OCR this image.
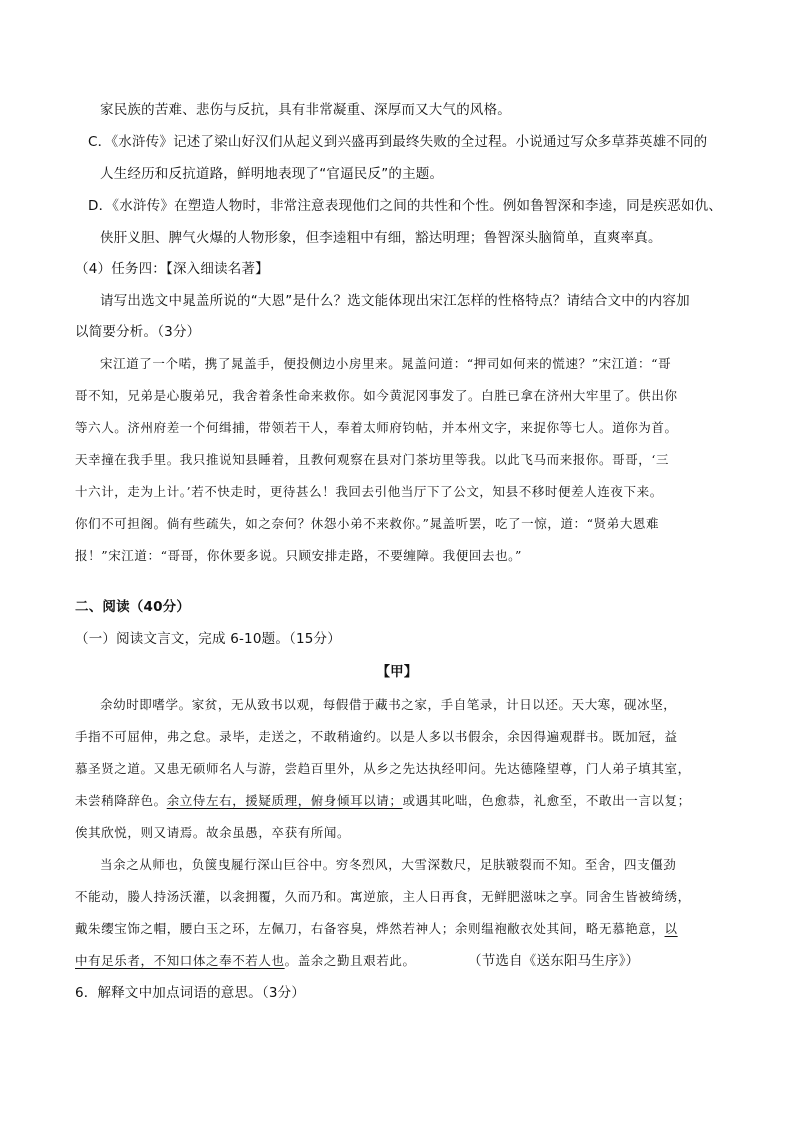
家民族的苦难、悲伤与反抗，具有非常凝重、深厚而又大气的风格。
C．《水浒传》记述了梁山好汉们从起义到兴盛再到最终失败的全过程。小说通过写众多草莽英雄不同的
人生经历和反抗道路，鲜明地表现了“官逼民反”的主题。
D．《水浒传》在塑造人物时，非常注意表现他们之间的共性和个性。例如鲁智深和李逵，同是疾恶如仇、
侠肝义胆、脾气火爆的人物形象，但李逵粗中有细，豁达明理；鲁智深头脑简单，直爽率真。
（4）任务四：【深入细读名著】
请写出选文中晁盖所说的“大恩”是什么？选文能体现出宋江怎样的性格特点？请结合文中的内容加
以简要分析。（3分）
宋江道了一个喏，携了晁盖手，便投侧边小房里来。晁盖问道：“押司如何来的慌速？”宋江道：“哥
哥不知，兄弟是心腹弟兄，我舍着条性命来救你。如今黄泥冈事发了。白胜已拿在济州大牢里了。供出你
等六人。济州府差一个何缉捕，带领若干人，奉着太师府钧帖，并本州文字，来捉你等七人。道你为首。
天幸撞在我手里。我只推说知县睡着，且教何观察在县对门茶坊里等我。以此飞马而来报你。哥哥，‘三
十六计，走为上计。’若不快走时，更待甚么！我回去引他当厅下了公文，知县不移时便差人连夜下来。
你们不可担阁。倘有些疏失，如之奈何？休怨小弟不来救你。”晁盖听罢，吃了一惊，道：“贤弟大恩难
报！”宋江道：“哥哥，你休要多说。只顾安排走路，不要缠障。我便回去也。”
二、阅读（40分）
（一）阅读文言文，完成 6-10题。（15分）
【甲】
余幼时即嗜学。家贫，无从致书以观，每假借于藏书之家，手自笔录，计日以还。天大寒，砚冰坚，
手指不可屈伸，弗之怠。录毕，走送之，不敢稍逾约。以是人多以书假余，余因得遍观群书。既加冠，益
慕圣贤之道。又患无硕师名人与游，尝趋百里外，从乡之先达执经叩问。先达德隆望尊，门人弟子填其室，
未尝稍降辞色。余立侍左右，援疑质理，俯身倾耳以请；或遇其叱咄，色愈恭，礼愈至，不敢出一言以复；
俟其欣悦，则又请焉。故余虽愚，卒获有所闻。
当余之从师也，负箧曳屣行深山巨谷中。穷冬烈风，大雪深数尺，足肤皲裂而不知。至舍，四支僵劲
不能动，媵人持汤沃灌，以衾拥覆，久而乃和。寓逆旅，主人日再食，无鲜肥滋味之享。同舍生皆被绮绣，
戴朱缨宝饰之帽，腰白玉之环，左佩刀，右备容臭，烨然若神人；余则缊袍敝衣处其间，略无慕艳意，以
中有足乐者，不知口体之奉不若人也。盖余之勤且艰若此。	（节选自《送东阳马生序》）
6．解释文中加点词语的意思。（3分）
